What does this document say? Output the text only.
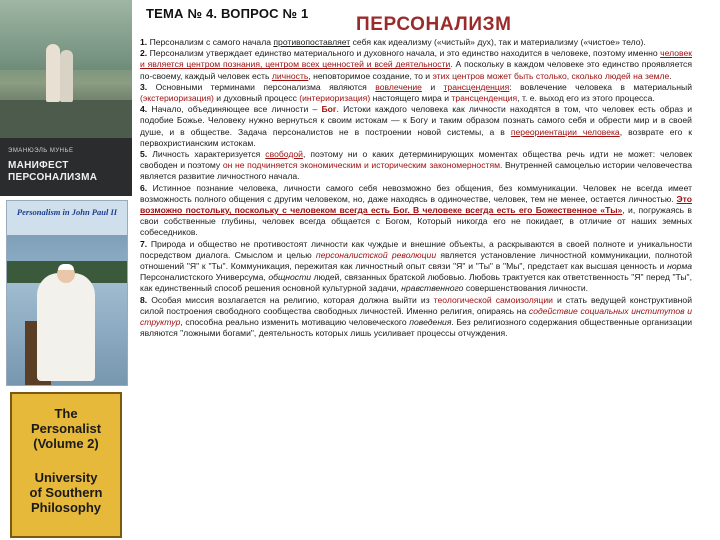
ЭМАНЮЭЛЬ МУНЬЕ
МАНИФЕСТ
ПЕРСОНАЛИЗМА
Personalism in John Paul II
The
Personalist
(Volume 2)
University
of Southern
Philosophy
ТЕМА № 4. ВОПРОС № 1
ПЕРСОНАЛИЗМ

1. Персонализм с самого начала противопоставляет себя как идеализму («чистый» дух), так и материализму («чистое» тело).

2. Персонализм утверждает единство материального и духовного начала, и это единство находится в человеке, поэтому именно человек и является центром познания, центром всех ценностей и всей деятельности. А поскольку в каждом человеке это единство проявляется по-своему, каждый человек есть личность, неповторимое создание, то и этих центров может быть столько, сколько людей на земле.

3. Основными терминами персонализма являются вовлечение и трансценденция: вовлечение человека в материальный (экстериоризация) и духовный процесс (интериоризация) настоящего мира и трансценденция, т. е. выход его из этого процесса.

4. Начало, объединяющее все личности – Бог. Истоки каждого человека как личности находятся в том, что человек есть образ и подобие Божье. Человеку нужно вернуться к своим истокам — к Богу и таким образом познать самого себя и обрести мир и в своей душе, и в обществе. Задача персоналистов не в построении новой системы, а в переориентации человека, возврате его к первохристианским истокам.

5. Личность характеризуется свободой, поэтому ни о каких детерминирующих моментах общества речь идти не может: человек свободен и поэтому он не подчиняется экономическим и историческим закономерностям. Внутренней самоцелью истории человечества является развитие личностного начала.

6. Истинное познание человека, личности самого себя невозможно без общения, без коммуникации. Человек не всегда имеет возможность полного общения с другим человеком, но, даже находясь в одиночестве, человек, тем не менее, остается личностью. Это возможно постольку, поскольку с человеком всегда есть Бог. В человеке всегда есть его Божественное «Ты», и, погружаясь в свои собственные глубины, человек всегда общается с Богом, Который никогда его не покидает, в отличие от наших земных собеседников.

7. Природа и общество не противостоят личности как чуждые и внешние объекты, а раскрываются в своей полноте и уникальности посредством диалога. Смыслом и целью персоналистской революции является установление личностной коммуникации, полнотой отношений "Я" к "Ты". Коммуникация, пережитая как личностный опыт связи "Я" и "Ты" в "Мы", предстает как высшая ценность и норма Персоналистского Универсума, общности людей, связанных братской любовью. Любовь трактуется как ответственность "Я" перед "Ты", как единственный способ решения основной культурной задачи, нравственного совершенствования личности.

8. Особая миссия возлагается на религию, которая должна выйти из теологической самоизоляции и стать ведущей конструктивной силой построения свободного сообщества свободных личностей. Именно религия, опираясь на содействие социальных институтов и структур, способна реально изменить мотивацию человеческого поведения. Без религиозного содержания общественные организации являются "ложными богами", деятельность которых лишь усиливает процессы отчуждения.
